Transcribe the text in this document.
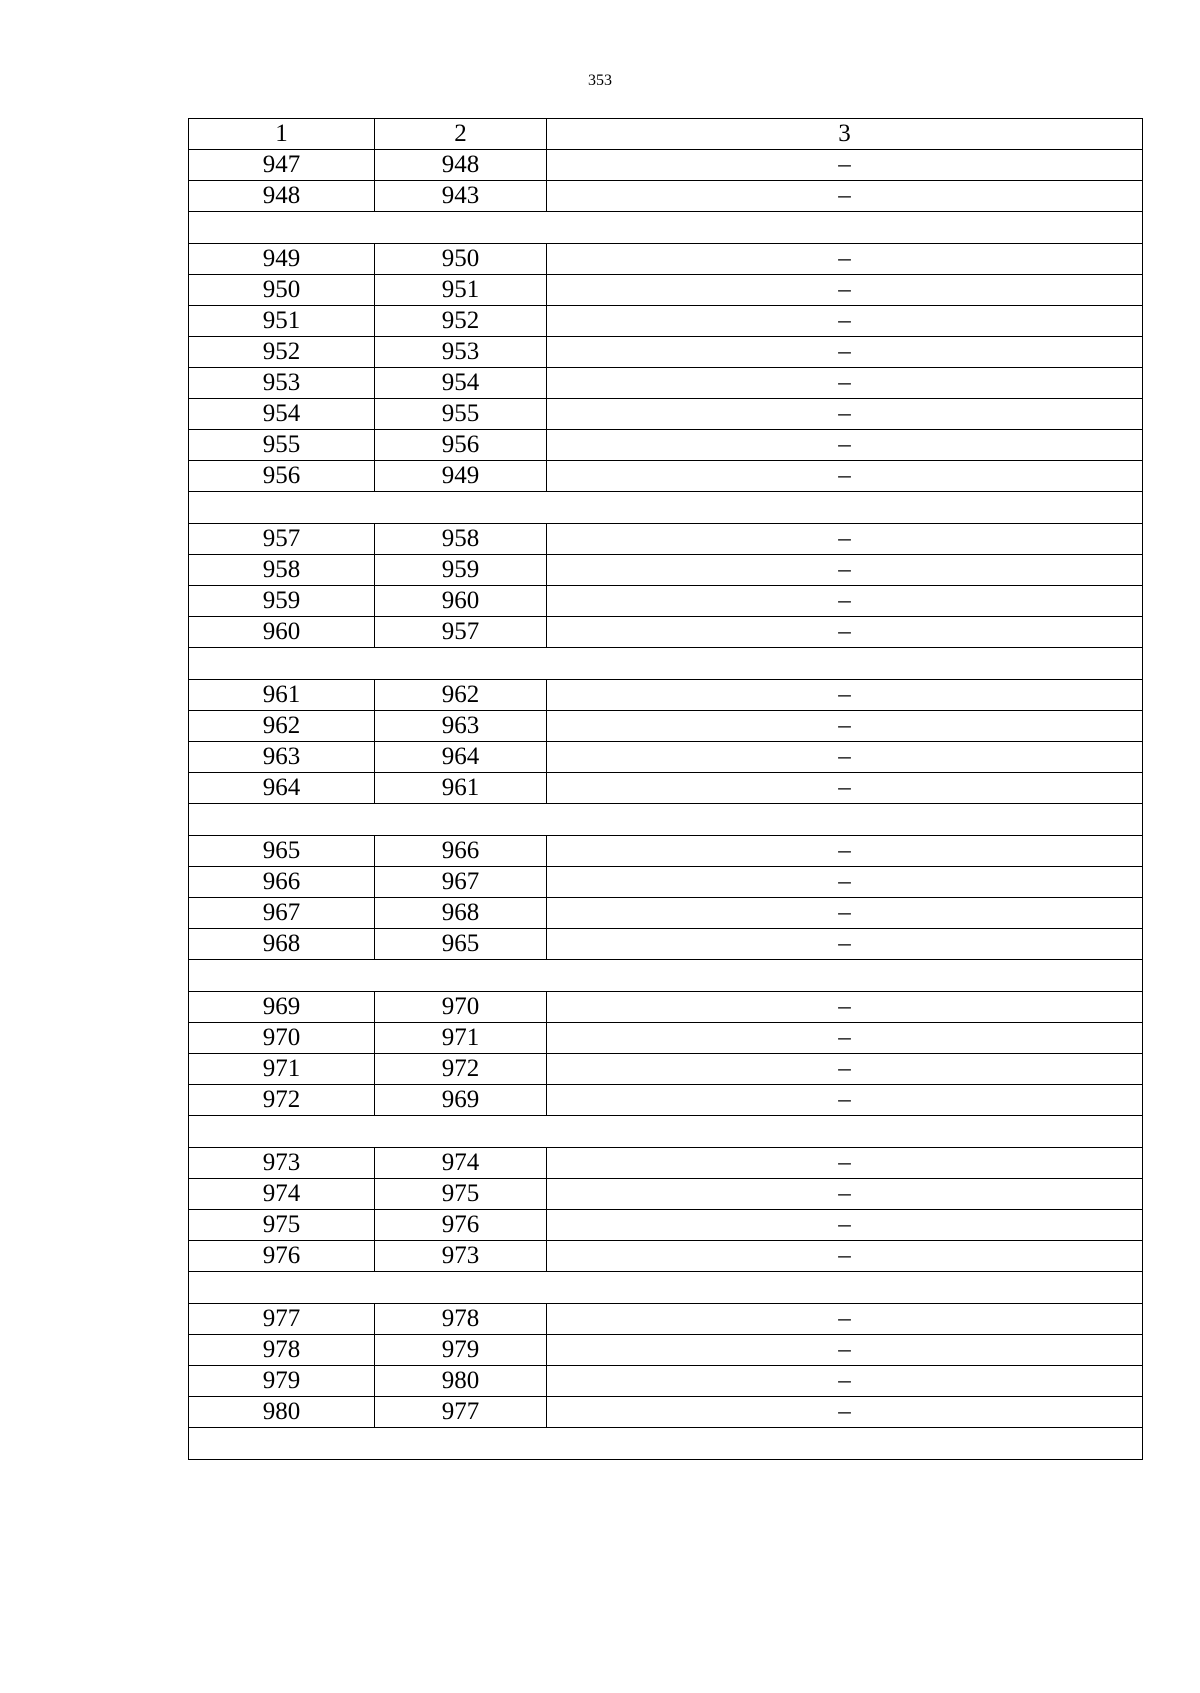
353
1	2	3
947	948	–
948	943	–

949	950	–
950	951	–
951	952	–
952	953	–
953	954	–
954	955	–
955	956	–
956	949	–

957	958	–
958	959	–
959	960	–
960	957	–

961	962	–
962	963	–
963	964	–
964	961	–

965	966	–
966	967	–
967	968	–
968	965	–

969	970	–
970	971	–
971	972	–
972	969	–

973	974	–
974	975	–
975	976	–
976	973	–

977	978	–
978	979	–
979	980	–
980	977	–
